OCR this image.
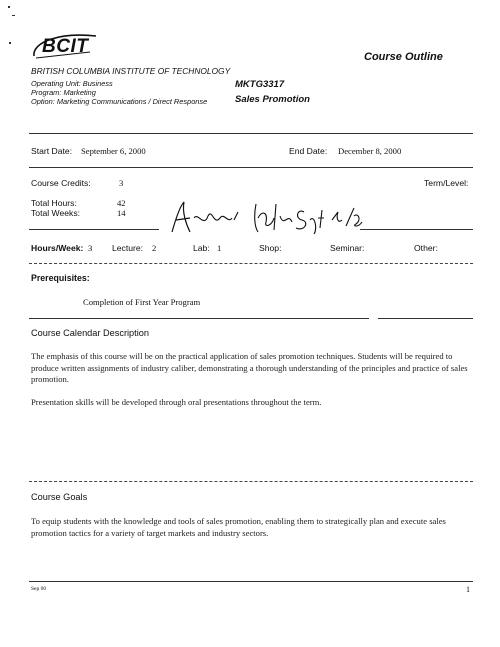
BCIT
BRITISH COLUMBIA INSTITUTE OF TECHNOLOGY
Operating Unit: Business
Program: Marketing
Option: Marketing Communications / Direct Response
Course Outline
MKTG3317
Sales Promotion
Start Date: September 6, 2000	End Date: December 8, 2000
Course Credits:	3	Term/Level:
Total Hours:	42
Total Weeks:	14
Hours/Week: 3 Lecture: 2	Lab: 1	Shop:	Seminar:	Other:
Prerequisites:
Completion of First Year Program
Course Calendar Description
The emphasis of this course will be on the practical application of sales promotion techniques. Students will be required to produce written assignments of industry caliber, demonstrating a thorough understanding of the principles and practice of sales promotion.
Presentation skills will be developed through oral presentations throughout the term.
Course Goals
To equip students with the knowledge and tools of sales promotion, enabling them to strategically plan and execute sales promotion tactics for a variety of target markets and industry sectors.
Sep 00	1
